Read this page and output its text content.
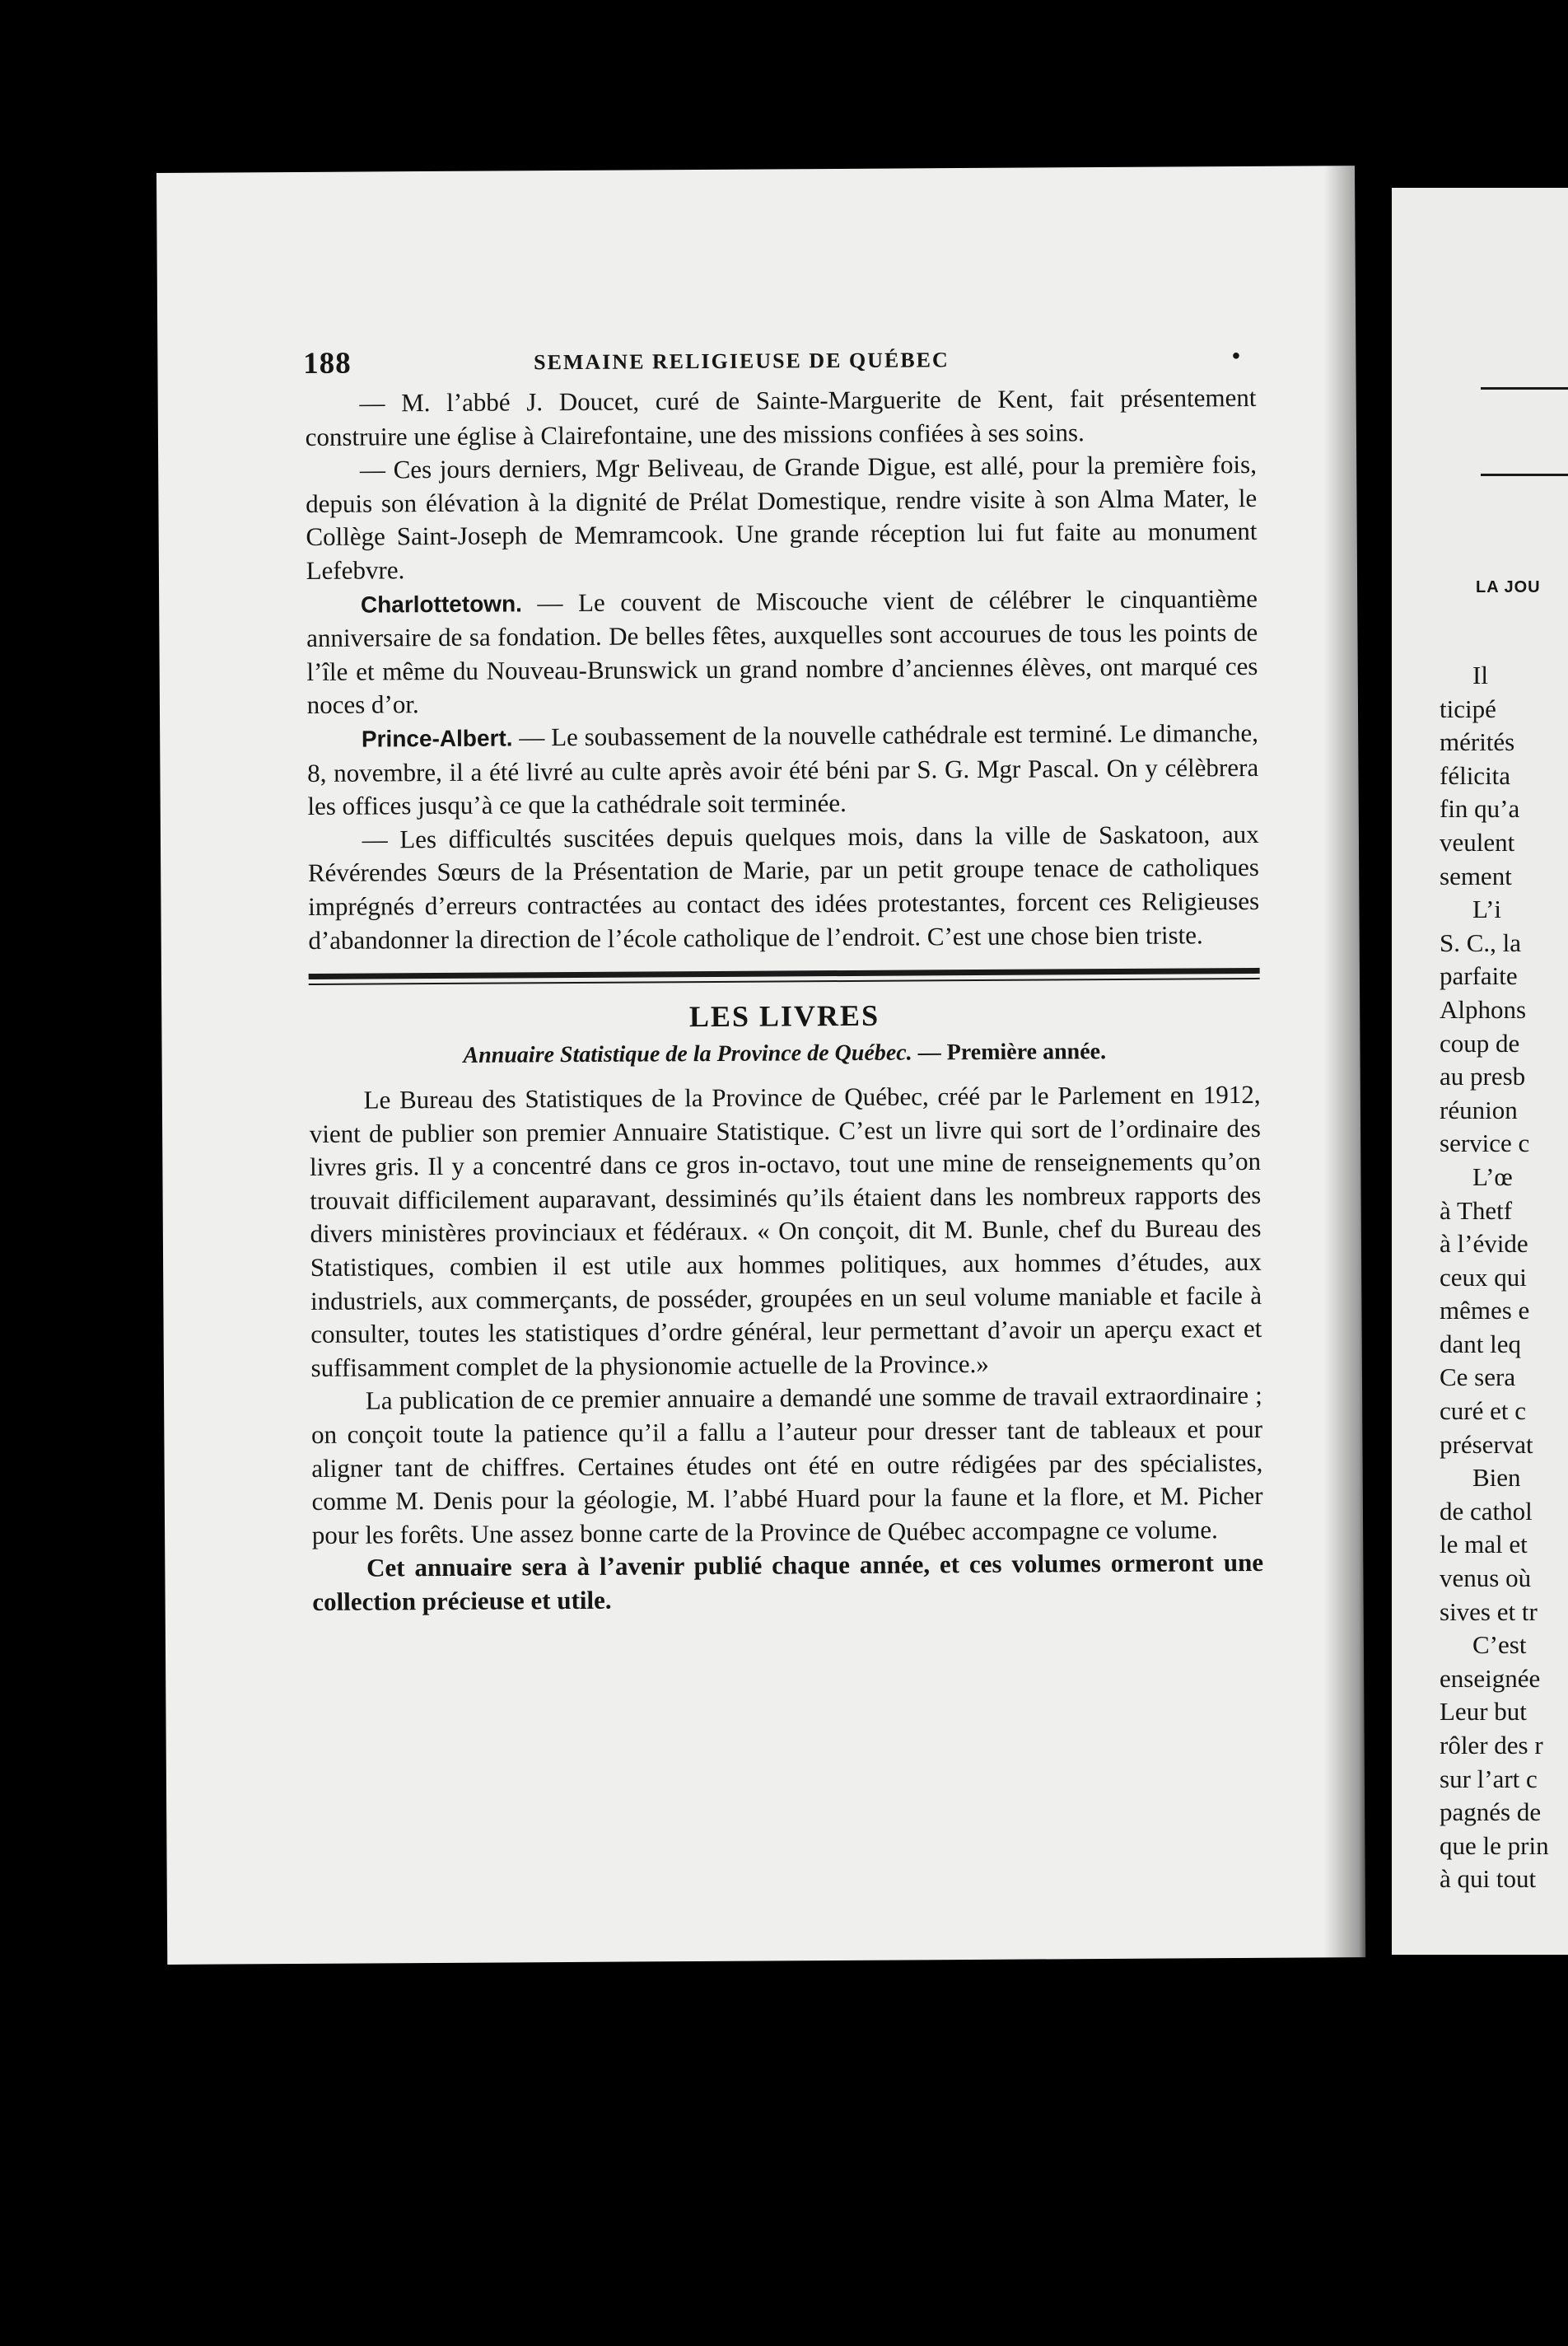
188	SEMAINE RELIGIEUSE DE QUÉBEC	•

— M. l’abbé J. Doucet, curé de Sainte-Marguerite de Kent, fait présentement construire une église à Clairefontaine, une des missions confiées à ses soins.

— Ces jours derniers, Mgr Beliveau, de Grande Digue, est allé, pour la première fois, depuis son élévation à la dignité de Prélat Domestique, rendre visite à son Alma Mater, le Collège Saint-Joseph de Memramcook. Une grande réception lui fut faite au monument Lefebvre.

Charlottetown. — Le couvent de Miscouche vient de célébrer le cinquantième anniversaire de sa fondation. De belles fêtes, auxquelles sont accourues de tous les points de l’île et même du Nouveau-Brunswick un grand nombre d’anciennes élèves, ont marqué ces noces d’or.

Prince-Albert. — Le soubassement de la nouvelle cathédrale est terminé. Le dimanche, 8, novembre, il a été livré au culte après avoir été béni par S. G. Mgr Pascal. On y célèbrera les offices jusqu’à ce que la cathédrale soit terminée.

— Les difficultés suscitées depuis quelques mois, dans la ville de Saskatoon, aux Révérendes Sœurs de la Présentation de Marie, par un petit groupe tenace de catholiques imprégnés d’erreurs contractées au contact des idées protestantes, forcent ces Religieuses d’abandonner la direction de l’école catholique de l’endroit. C’est une chose bien triste.

LES LIVRES
Annuaire Statistique de la Province de Québec. — Première année.

Le Bureau des Statistiques de la Province de Québec, créé par le Parlement en 1912, vient de publier son premier Annuaire Statistique. C’est un livre qui sort de l’ordinaire des livres gris. Il y a concentré dans ce gros in-octavo, tout une mine de renseignements qu’on trouvait difficilement auparavant, dessiminés qu’ils étaient dans les nombreux rapports des divers ministères provinciaux et fédéraux. « On conçoit, dit M. Bunle, chef du Bureau des Statistiques, combien il est utile aux hommes politiques, aux hommes d’études, aux industriels, aux commerçants, de posséder, groupées en un seul volume maniable et facile à consulter, toutes les statistiques d’ordre général, leur permettant d’avoir un aperçu exact et suffisamment complet de la physionomie actuelle de la Province.»

La publication de ce premier annuaire a demandé une somme de travail extraordinaire ; on conçoit toute la patience qu’il a fallu a l’auteur pour dresser tant de tableaux et pour aligner tant de chiffres. Certaines études ont été en outre rédigées par des spécialistes, comme M. Denis pour la géologie, M. l’abbé Huard pour la faune et la flore, et M. Picher pour les forêts. Une assez bonne carte de la Province de Québec accompagne ce volume.

Cet annuaire sera à l’avenir publié chaque année, et ces volumes ormeront une collection précieuse et utile.

LA JOU
Il
ticipé
mérités
félicita
fin qu’a
veulent
sement
L’i
S. C., la
parfaite
Alphons
coup de
au presb
réunion
service c
L’œ
à Thetf
à l’évide
ceux qui
mêmes e
dant leq
Ce sera
curé et c
préservat
Bien
de cathol
le mal et
venus où
sives et tr
C’est
enseignée
Leur but
rôler des r
sur l’art c
pagnés de
que le prin
à qui tout
